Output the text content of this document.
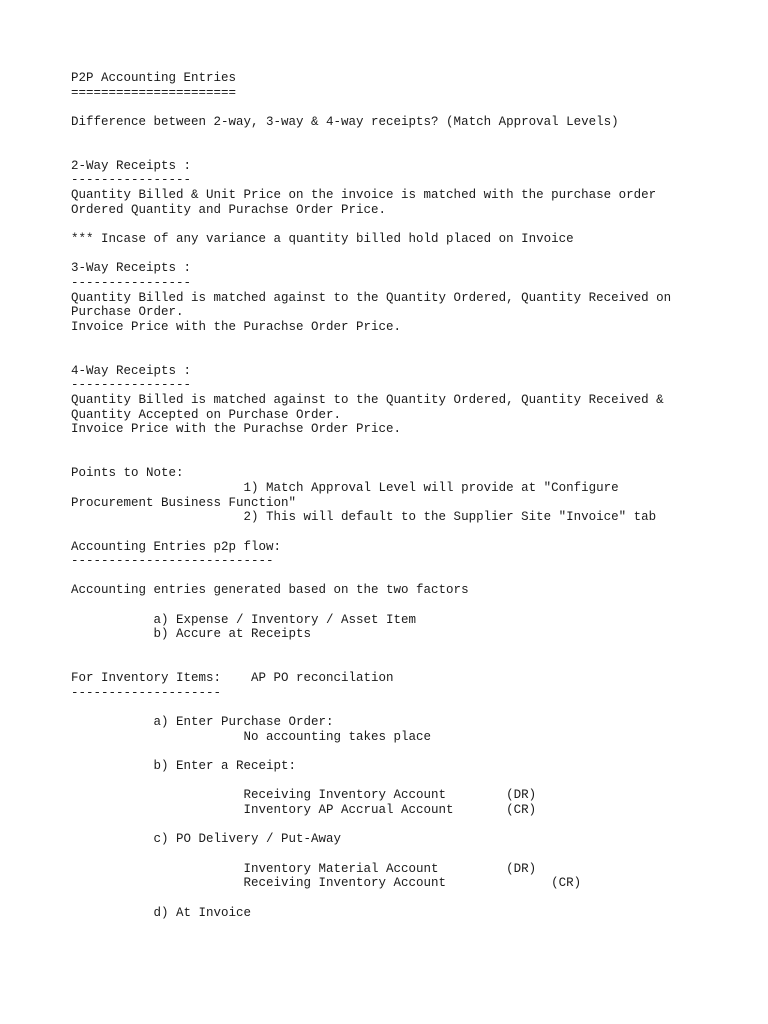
P2P Accounting Entries
======================
Difference between 2-way, 3-way & 4-way receipts? (Match Approval Levels)
2-Way Receipts :
----------------
Quantity Billed & Unit Price on the invoice is matched with the purchase order
Ordered Quantity and Purachse Order Price.
*** Incase of any variance a quantity billed hold placed on Invoice
3-Way Receipts :
----------------
Quantity Billed is matched against to the Quantity Ordered, Quantity Received on
Purchase Order.
Invoice Price with the Purachse Order Price.
4-Way Receipts :
----------------
Quantity Billed is matched against to the Quantity Ordered, Quantity Received &
Quantity Accepted on Purchase Order.
Invoice Price with the Purachse Order Price.
Points to Note:
1) Match Approval Level will provide at "Configure
Procurement Business Function"
2) This will default to the Supplier Site "Invoice" tab
Accounting Entries p2p flow:
---------------------------
Accounting entries generated based on the two factors
a) Expense / Inventory / Asset Item
b) Accure at Receipts
For Inventory Items:    AP PO reconcilation
--------------------
a) Enter Purchase Order:
No accounting takes place
b) Enter a Receipt:
Receiving Inventory Account        (DR)
Inventory AP Accrual Account       (CR)
c) PO Delivery / Put-Away
Inventory Material Account         (DR)
Receiving Inventory Account              (CR)
d) At Invoice
